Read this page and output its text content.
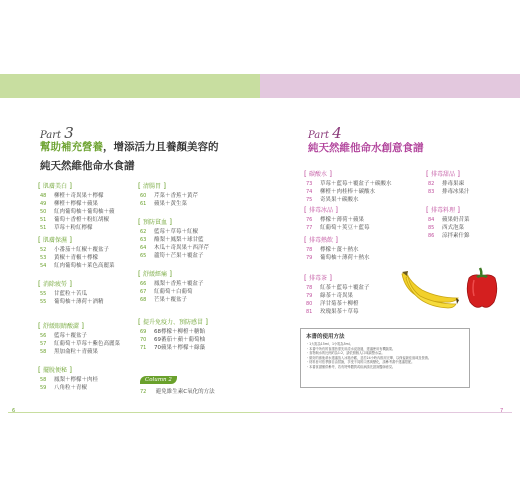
Part 3
幫助補充營養，增添活力且養顏美容的
純天然維他命水食譜
[ 肌膚美白 ]
48 柳橙＋奇異果＋檸檬
49 柳橙＋檸檬＋蘋果
50 紅肉葡萄柚＋葡萄柚＋蘋
51 葡萄＋香橙＋粉紅胡椒
51 草莓＋粉紅檸檬
[ 肌膚保濕 ]
52 小番茄＋紅椒＋覆盆子
53 黃椒＋青椒＋檸檬
54 紅肉葡萄柚＋萊色高麗菜
[ 消除疲勞 ]
55 甘藍粒＋苦瓜
55 葡萄柚＋薄荷＋酒精
[ 舒緩眼睛酸澀 ]
56 藍莓＋覆盆子
57 紅葡萄＋草莓＋紫色高麗菜
58 黑加侖粒＋青蘋果
[ 擺脫便秘 ]
58 鳳梨＋檸檬＋肉桂
59 八角粒＋青椒
[ 清腸胃 ]
60 芹菜＋香蕉＋黃芹
61 蘋果＋黃生菜
[ 預防貧血 ]
62 藍莓＋草莓＋紅椒
63 酪梨＋鳳梨＋球甘藍
64 木瓜＋奇異果＋西洋芹
65 蘆筍＋芒果＋覆盆子
[ 舒緩經痛 ]
66 鳳梨＋香蕉＋覆盆子
67 紅葡萄＋白葡萄
68 芒果＋覆盆子
[ 提升免疫力、預防感冒 ]
69 68檸檬＋柳橙＋糖飴
70 69蕃茄＋蘋＋葡萄柚
71 70蘋果＋檸檬＋綠藻
Column 2
72 避免維生素C氧化的方法
Part 4
純天然維他命水創意食譜
[ 碳酸水 ]
73 草莓＋藍莓＋覆盆子＋碳酸水
74 柳橙＋肉桂棒＋碳酸水
75 奇異果＋碳酸水
[ 排毒冰品 ]
76 檸檬＋薄荷＋蘋果
77 紅葡萄＋莢豆＋藍莓
[ 排毒熱飲 ]
78 檸檬＋薑＋熱水
79 葡萄柚＋薄荷＋熱水
[ 排毒茶 ]
78 紅茶＋藍莓＋覆盆子
79 綠茶＋奇異果
80 洋甘菊茶＋柳橙
81 玫瑰果茶＋草莓
[ 排毒甜品 ]
82 排毒果凍
83 排毒冰果汁
[ 排毒料理 ]
84 蘋果奶昔菜
85 西式泡菜
86 涼拌素什錦
本書的使用方法
・1大匙為15ml，1小匙為5ml。
・本書中所有的食譜皆需先用清水浸泡過，建議使用有機蔬果。
・食物與水的比例約為1:2，請依照個人口味調整水量。
・做好的維他命水建議放入冰箱冷藏，並於24小時內飲用完畢，以保留最佳風味及營養。
・材料皆可依季節自由替換，享受不同的口感與變化，請參考書中建議搭配。
・本書食譜僅供參考，若有特殊體質或疾病請先諮詢醫師意見。
6	7
